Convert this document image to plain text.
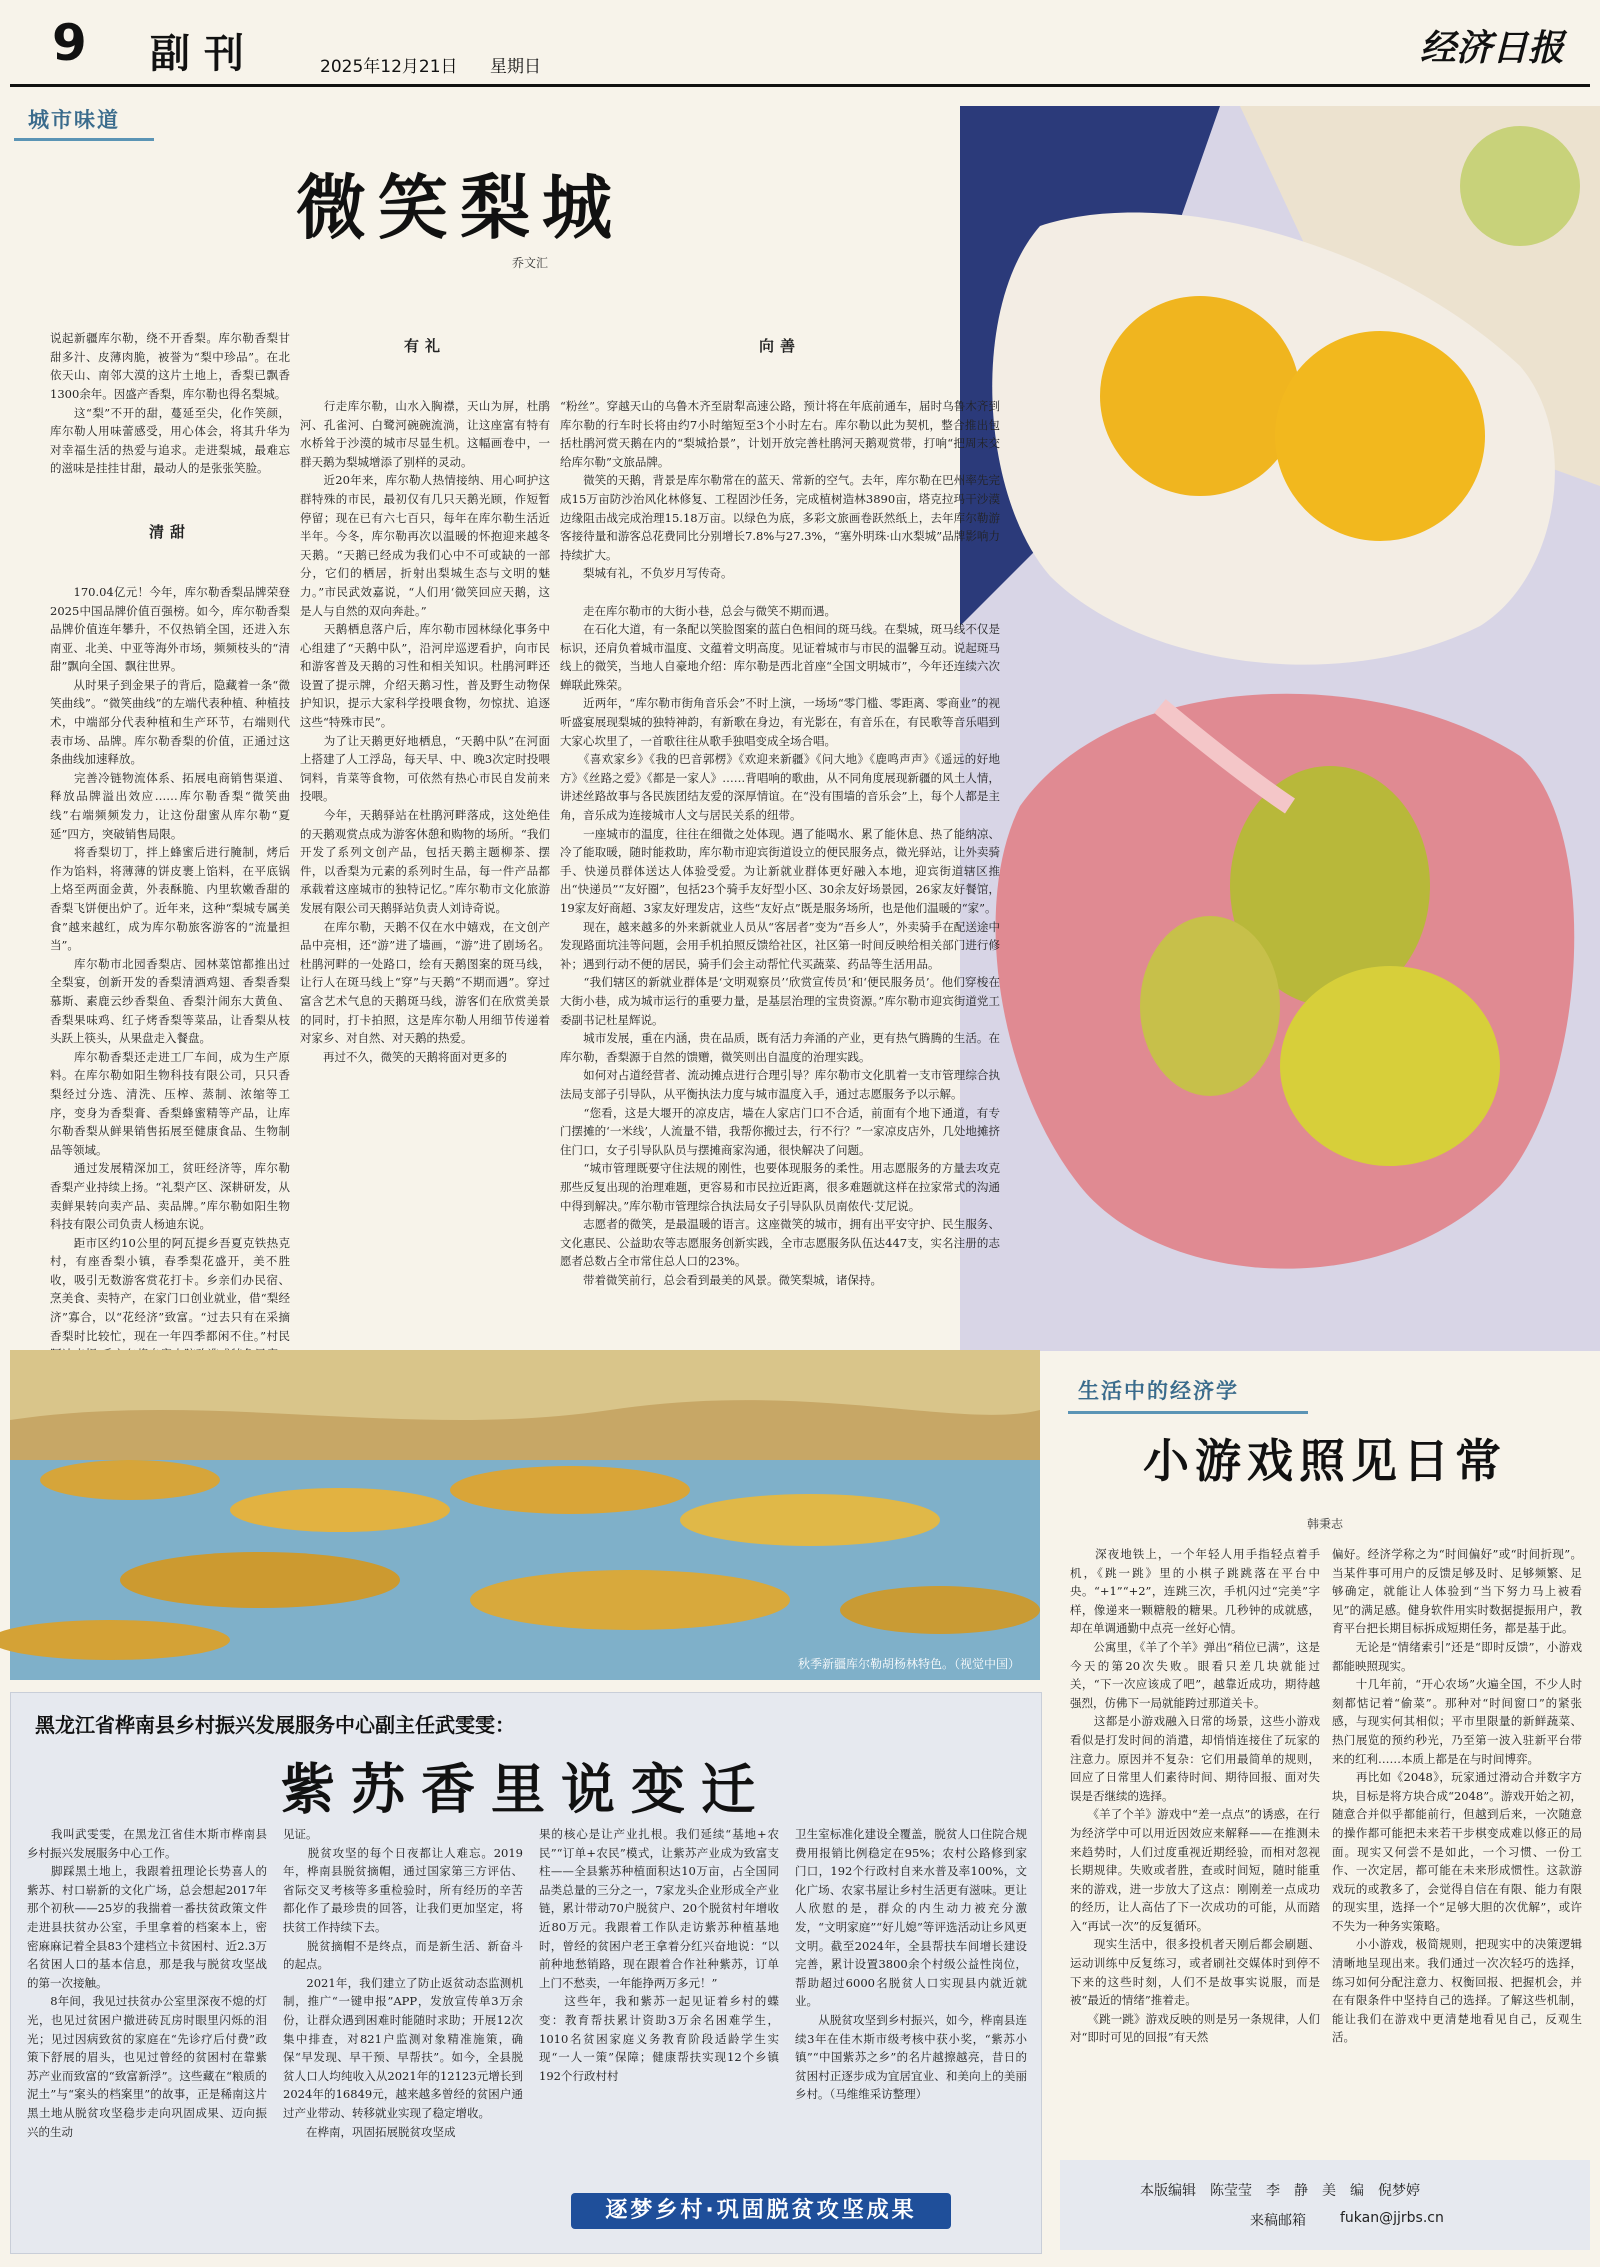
9 副刊	2025年12月21日 星期日	经济日报
城市味道
微笑梨城
乔文汇

说起新疆库尔勒，绕不开香梨。库尔勒香梨甘甜多汁、皮薄肉脆，被誉为“梨中珍品”。在北依天山、南邻大漠的这片土地上，香梨已飘香1300余年。因盛产香梨，库尔勒也得名梨城。
　　这“梨”不开的甜，蔓延至尖，化作笑颜，库尔勒人用味蕾感受，用心体会，将其升华为对幸福生活的热爱与追求。走进梨城，最难忘的滋味是挂挂甘甜，最动人的是张张笑脸。

清甜

　　170.04亿元！今年，库尔勒香梨品牌荣登2025中国品牌价值百强榜。如今，库尔勒香梨品牌价值连年攀升，不仅热销全国，还进入东南亚、北美、中亚等海外市场，频频枝头的“清甜”飘向全国、飘往世界。
　　从时果子到金果子的背后，隐藏着一条“微笑曲线”。“微笑曲线”的左端代表种植、种植技术，中端部分代表种植和生产环节，右端则代表市场、品牌。库尔勒香梨的价值，正通过这条曲线加速释放。
　　完善冷链物流体系、拓展电商销售渠道、释放品牌溢出效应……库尔勒香梨“微笑曲线”右端频频发力，让这份甜蜜从库尔勒“夏延”四方，突破销售局限。
　　将香梨切丁，拌上蜂蜜后进行腌制，烤后作为馅料，将薄薄的饼皮裹上馅料，在平底锅上烙至两面金黄，外表酥脆、内里软嫩香甜的香梨飞饼便出炉了。近年来，这种“梨城专属美食”越来越红，成为库尔勒旅客游客的“流量担当”。
　　库尔勒市北园香梨店、园林菜馆都推出过全梨宴，创新开发的香梨清酒鸡翅、香梨香梨慕斯、素鹿云纱香梨鱼、香梨汁闹东大黄鱼、香梨果味鸡、红子烤香梨等菜品，让香梨从枝头跃上筷头，从果盘走入餐盘。
　　库尔勒香梨还走进工厂车间，成为生产原料。在库尔勒如阳生物科技有限公司，只只香梨经过分选、清洗、压榨、蒸制、浓缩等工序，变身为香梨膏、香梨蜂蜜精等产品，让库尔勒香梨从鲜果销售拓展至健康食品、生物制品等领域。
　　通过发展精深加工，贫旺经济等，库尔勒香梨产业持续上扬。“礼梨产区、深耕研发，从卖鲜果转向卖产品、卖品牌。”库尔勒如阳生物科技有限公司负责人杨迪东说。
　　距市区约10公里的阿瓦提乡吾夏克铁热克村，有座香梨小镇，春季梨花盛开，美不胜收，吸引无数游客赏花打卡。乡亲们办民宿、烹美食、卖特产，在家门口创业就业，借“梨经济”寡合，以“花经济”致富。“过去只有在采摘香梨时比较忙，现在一年四季都闲不住。”村民

有礼

　　行走库尔勒，山水入胸襟，天山为屏，杜鹃河、孔雀河、白鹭河碗碗流淌，让这座富有特有水桥耸于沙漠的城市尽显生机。这幅画卷中，一群天鹅为梨城增添了别样的灵动。
　　近20年来，库尔勒人热情接纳、用心呵护这群特殊的市民，最初仅有几只天鹅光顾，作短暂停留；现在已有六七百只，每年在库尔勒生活近半年。今冬，库尔勒再次以温暖的怀抱迎来越冬天鹅。“天鹅已经成为我们心中不可或缺的一部分，它们的栖居，折射出梨城生态与文明的魅力。”市民武效嘉说，“人们用‘微笑回应天鹅，这是人与自然的双向奔赴。”
　　天鹅栖息落户后，库尔勒市园林绿化事务中心组建了“天鹅中队”，沿河岸巡逻看护，向市民和游客普及天鹅的习性和相关知识。杜鹃河畔还设置了提示牌，介绍天鹅习性，普及野生动物保护知识，提示大家科学投喂食物，勿惊扰、追逐这些“特殊市民”。
　　为了让天鹅更好地栖息，“天鹅中队”在河面上搭建了人工浮岛，每天早、中、晚3次定时投喂饲料，肯菜等食物，可依然有热心市民自发前来投喂。
　　今年，天鹅驿站在杜鹃河畔落成，这处绝佳的天鹅观赏点成为游客休憩和购物的场所。“我们开发了系列文创产品，包括天鹅主题柳茶、摆件，以香梨为元素的系列时生品，每一件产品都承载着这座城市的独特记忆。”库尔勒市文化旅游发展有限公司天鹅驿站负责人刘诗奇说。
　　在库尔勒，天鹅不仅在水中嬉戏，在文创产品中亮相，还“游”进了墙画，“游”进了剧场名。杜鹃河畔的一处路口，绘有天鹅图案的斑马线，让行人在斑马线上“穿”与天鹅“不期而遇”。穿过富含艺术气息的天鹅斑马线，游客们在欣赏美景的同时，打卡拍照，这是库尔勒人用细节传递着对家乡、对自然、对天鹅的热爱。
　　再过不久，微笑的天鹅将面对更多的

向善

“粉丝”。穿越天山的乌鲁木齐至尉犁高速公路，预计将在年底前通车，届时乌鲁木齐到库尔勒的行车时长将由约7小时缩短至3个小时左右。库尔勒以此为契机，整合推出包括杜鹃河赏天鹅在内的“梨城拾景”，计划开放完善杜鹃河天鹅观赏带，打响“把周末交给库尔勒”文旅品牌。
　　微笑的天鹅，背景是库尔勒常在的蓝天、常新的空气。去年，库尔勒在巴州率先完成15万亩防沙治风化林修复、工程固沙任务，完成植树造林3890亩，塔克拉玛干沙漠边缘阻击战完成治理15.18万亩。以绿色为底，多彩文旅画卷跃然纸上，去年库尔勒游客接待量和游客总花费同比分别增长7.8%与27.3%，“塞外明珠·山水梨城”品牌影响力持续扩大。
　　梨城有礼，不负岁月写传奇。

　　走在库尔勒市的大街小巷，总会与微笑不期而遇。
　　在石化大道，有一条配以笑脸图案的蓝白色相间的斑马线。在梨城，斑马线不仅是标识，还肩负着城市温度、文蕴着文明高度。见证着城市与市民的温馨互动。说起斑马线上的微笑，当地人自豪地介绍：库尔勒是西北首座“全国文明城市”，今年还连续六次蝉联此殊荣。
　　近两年，“库尔勒市街角音乐会”不时上演，一场场“零门槛、零距离、零商业”的视听盛宴展现梨城的独特神韵，有新歌在身边，有光影在，有音乐在，有民歌等音乐唱到大家心坎里了，一首歌往往从歌手独唱变成全场合唱。
　　《喜欢家乡》《我的巴音郭楞》《欢迎来新疆》《问大地》《鹿鸣声声》《遥远的好地方》《丝路之爱》《都是一家人》……背唱响的歌曲，从不同角度展现新疆的风土人情，讲述丝路故事与各民族团结友爱的深厚情谊。在“没有围墙的音乐会”上，每个人都是主角，音乐成为连接城市人文与居民关系的纽带。
　　一座城市的温度，往往在细微之处体现。遇了能喝水、累了能休息、热了能纳凉、冷了能取暖，随时能救助，库尔勒市迎宾街道设立的便民服务点，微光驿站，让外卖骑手、快递员群体送达人体验受爱。为让新就业群体更好融入本地，迎宾街道辖区推出“快递员”“友好圈”，包括23个骑手友好型小区、30余友好场景园，26家友好餐馆，19家友好商超、3家友好理发店，这些“友好点”既是服务场所，也是他们温暖的“家”。
　　现在，越来越多的外来新就业人员从“客居者”变为“吾乡人”，外卖骑手在配送途中发现路面坑洼等问题，会用手机拍照反馈给社区，社区第一时间反映给相关部门进行修补；遇到行动不便的居民，骑手们会主动帮忙代买蔬菜、药品等生活用品。
　　“我们辖区的新就业群体是‘文明观察员’‘欣赏宣传员’和‘便民服务员’。他们穿梭在大街小巷，成为城市运行的重要力量，是基层治理的宝贵资源。”库尔勒市迎宾街道党工委副书记杜星辉说。
　　城市发展，重在内涵，贵在品质，既有活力奔涌的产业，更有热气腾腾的生活。在库尔勒，香梨源于自然的馈赠，微笑则出自温度的治理实践。
　　如何对占道经营者、流动摊点进行合理引导？库尔勒市文化肌着一支市管理综合执法局支部子引导队，从平衡执法力度与城市温度入手，通过志愿服务予以示解。
　　“您看，这是大堰开的凉皮店，墙在人家店门口不合适，前面有个地下通道，有专门摆摊的‘一米线’，人流量不错，我帮你搬过去，行不行？”一家凉皮店外，几处地摊挤住门口，女子引导队队员与摆摊商家沟通，很快解决了问题。
　　“城市管理既要守住法规的刚性，也要体现服务的柔性。用志愿服务的方量去攻克那些反复出现的治理难题，更容易和市民拉近距离，很多难题就这样在拉家常式的沟通中得到解决。”库尔勒市管理综合执法局女子引导队队员南侬代·艾尼说。
　　志愿者的微笑，是最温暖的语言。这座微笑的城市，拥有出平安守护、民生服务、文化惠民、公益助农等志愿服务创新实践，全市志愿服务队伍达447支，实名注册的志愿者总数占全市常住总人口的23%。
　　带着微笑前行，总会看到最美的风景。微笑梨城，诸保持。

秋季新疆库尔勒胡杨林特色。（视觉中国）
生活中的经济学
小游戏照见日常
韩秉志
　　深夜地铁上，一个年轻人用手指轻点着手机，《跳一跳》里的小棋子跳跳落在平台中央。“+1”“+2”，连跳三次，手机闪过“完美”字样，像递来一颗糖般的糖果。几秒钟的成就感，却在单调通勤中点亮一丝好心情。
　　公寓里，《羊了个羊》弹出“稍位已满”，这是今天的第20次失败。眼看只差几块就能过关，“下一次应该成了吧”，越靠近成功，期待越强烈，仿佛下一局就能跨过那道关卡。
　　这都是小游戏融入日常的场景，这些小游戏看似是打发时间的消遣，却悄悄连接住了玩家的注意力。原因并不复杂：它们用最简单的规则，回应了日常里人们素待时间、期待回报、面对失误是否继续的选择。
　　《羊了个羊》游戏中“差一点点”的诱惑，在行为经济学中可以用近因效应来解释——在推测未来趋势时，人们过度重视近期经验，而相对忽视长期规律。失败或者胜，查或时间短，随时能重来的游戏，进一步放大了这点：刚刚差一点成功的经历，让人高估了下一次成功的可能，从而踏入“再试一次”的反复循环。
　　现实生活中，很多投机者天刚后都会刷题、运动训练中反复练习，或者刷社交媒体时到停不下来的这些时刻，人们不是故事实说服，而是被“最近的情绪”推着走。
　　《跳一跳》游戏反映的则是另一条规律，人们对“即时可见的回报”有天然
偏好。经济学称之为“时间偏好”或“时间折现”。当某件事可用户的反馈足够及时、足够频繁、足够确定，就能让人体验到“当下努力马上被看见”的满足感。健身软件用实时数据提振用户，教育平台把长期目标拆成短期任务，都是基于此。
　　无论是“情绪索引”还是“即时反馈”，小游戏都能映照现实。
　　十几年前，“开心农场”火遍全国，不少人时刻都惦记着“偷菜”。那种对“时间窗口”的紧张感，与现实何其相似；平市里限量的新鲜蔬菜、热门展览的预约秒光，乃至第一波入驻新平台带来的红利……本质上都是在与时间博弈。
　　再比如《2048》，玩家通过滑动合并数字方块，目标是将方块合成“2048”。游戏开始之初，随意合并似乎都能前行，但越到后来，一次随意的操作都可能把未来若干步棋变成难以修正的局面。现实又何尝不是如此，一个习惯、一份工作、一次定居，都可能在未来形成惯性。这款游戏玩的或教多了，会觉得自信在有限、能力有限的现实里，选择一个“足够大胆的次优解”，或许不失为一种务实策略。
　　小小游戏，极简规则，把现实中的决策逻辑清晰地呈现出来。我们通过一次次轻巧的选择，练习如何分配注意力、权衡回报、把握机会，并在有限条件中坚持自己的选择。了解这些机制，能让我们在游戏中更清楚地看见自己，反观生活。
黑龙江省桦南县乡村振兴发展服务中心副主任武雯雯：
紫苏香里说变迁
　　我叫武雯雯，在黑龙江省佳木斯市桦南县乡村振兴发展服务中心工作。
　　脚踩黑土地上，我跟着扭理论长势喜人的紫苏、村口崭新的文化广场，总会想起2017年那个初秋——25岁的我揣着一番扶贫政策文件走进县扶贫办公室，手里拿着的档案本上，密密麻麻记着全县83个建档立卡贫困村、近2.3万名贫困人口的基本信息，那是我与脱贫攻坚战的第一次接触。
　　8年间，我见过扶贫办公室里深夜不熄的灯光，也见过贫困户撤进砖瓦房时眼里闪烁的泪光；见过因病致贫的家庭在“先诊疗后付费”政策下舒展的眉头，也见过曾经的贫困村在靠紫苏产业而致富的“致富新浮”。这些藏在“粮质的泥土”与“案头的档案里”的故事，正是稀南这片黑土地从脱贫攻坚稳步走向巩固成果、迈向振兴的生动
见证。
　　脱贫攻坚的每个日夜都让人难忘。2019年，桦南县脱贫摘帽，通过国家第三方评估、省际交叉考核等多重检验时，所有经历的辛苦都化作了最珍贵的回答，让我们更加坚定，将扶贫工作持续下去。
　　脱贫摘帽不是终点，而是新生活、新奋斗的起点。
　　2021年，我们建立了防止返贫动态监测机制，推广“一键申报”APP，发放宣传单3万余份，让群众遇到困难时能随时求助；开展12次集中排查，对821户监测对象精准施策，确保“早发现、早干预、早帮扶”。如今，全县脱贫人口人均纯收入从2021年的12123元增长到2024年的16849元，越来越多曾经的贫困户通过产业带动、转移就业实现了稳定增收。
　　在桦南，巩固拓展脱贫攻坚成
果的核心是让产业扎根。我们延续“基地+农民”“订单+农民”模式，让紫苏产业成为致富支柱——全县紫苏种植面积达10万亩，占全国同品类总量的三分之一，7家龙头企业形成全产业链，累计带动70户脱贫户、20个脱贫村年增收近80万元。我跟着工作队走访紫苏种植基地时，曾经的贫困户老王拿着分红兴奋地说：“以前种地愁销路，现在跟着合作社种紫苏，订单上门不愁卖，一年能挣两万多元！”
　　这些年，我和紫苏一起见证着乡村的蝶变：教育帮扶累计资助3万余名困难学生，1010名贫困家庭义务教育阶段适龄学生实现“一人一策”保障；健康帮扶实现12个乡镇192个行政村村
卫生室标准化建设全覆盖，脱贫人口住院合规费用报销比例稳定在95%；农村公路修到家门口，192个行政村自来水普及率100%，文化广场、农家书屋让乡村生活更有滋味。更让人欣慰的是，群众的内生动力被充分激发，“文明家庭”“好儿媳”等评选活动让乡风更文明。截至2024年，全县帮扶车间增长建设完善，累计设置3800余个村级公益性岗位，帮助超过6000名脱贫人口实现县内就近就业。
　　从脱贫攻坚到乡村振兴，如今，桦南县连续3年在佳木斯市级考核中获小奖，“紫苏小镇”“中国紫苏之乡”的名片越擦越亮，昔日的贫困村正逐步成为宜居宜业、和美向上的美丽乡村。（马维维采访整理）
逐梦乡村·巩固脱贫攻坚成果
本版编辑　陈莹莹　李　静　美　编　倪梦婷
来稿邮箱 fukan@jjrbs.cn
